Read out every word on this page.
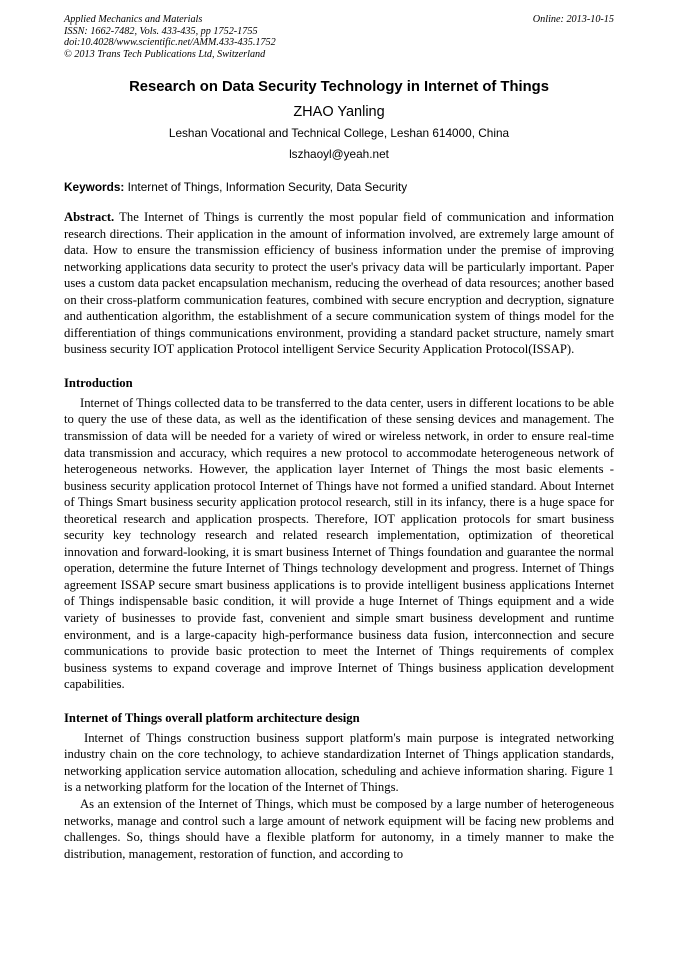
Applied Mechanics and Materials
ISSN: 1662-7482, Vols. 433-435, pp 1752-1755
doi:10.4028/www.scientific.net/AMM.433-435.1752
© 2013 Trans Tech Publications Ltd, Switzerland
Online: 2013-10-15
Research on Data Security Technology in Internet of Things
ZHAO Yanling
Leshan Vocational and Technical College, Leshan 614000, China
lszhaoyl@yeah.net
Keywords: Internet of Things, Information Security, Data Security
Abstract. The Internet of Things is currently the most popular field of communication and information research directions. Their application in the amount of information involved, are extremely large amount of data. How to ensure the transmission efficiency of business information under the premise of improving networking applications data security to protect the user's privacy data will be particularly important. Paper uses a custom data packet encapsulation mechanism, reducing the overhead of data resources; another based on their cross-platform communication features, combined with secure encryption and decryption, signature and authentication algorithm, the establishment of a secure communication system of things model for the differentiation of things communications environment, providing a standard packet structure, namely smart business security IOT application Protocol intelligent Service Security Application Protocol(ISSAP).
Introduction

Internet of Things collected data to be transferred to the data center, users in different locations to be able to query the use of these data, as well as the identification of these sensing devices and management. The transmission of data will be needed for a variety of wired or wireless network, in order to ensure real-time data transmission and accuracy, which requires a new protocol to accommodate heterogeneous network of heterogeneous networks. However, the application layer Internet of Things the most basic elements - business security application protocol Internet of Things have not formed a unified standard. About Internet of Things Smart business security application protocol research, still in its infancy, there is a huge space for theoretical research and application prospects. Therefore, IOT application protocols for smart business security key technology research and related research implementation, optimization of theoretical innovation and forward-looking, it is smart business Internet of Things foundation and guarantee the normal operation, determine the future Internet of Things technology development and progress. Internet of Things agreement ISSAP secure smart business applications is to provide intelligent business applications Internet of Things indispensable basic condition, it will provide a huge Internet of Things equipment and a wide variety of businesses to provide fast, convenient and simple smart business development and runtime environment, and is a large-capacity high-performance business data fusion, interconnection and secure communications to provide basic protection to meet the Internet of Things requirements of complex business systems to expand coverage and improve Internet of Things business application development capabilities.

Internet of Things overall platform architecture design

Internet of Things construction business support platform's main purpose is integrated networking industry chain on the core technology, to achieve standardization Internet of Things application standards, networking application service automation allocation, scheduling and achieve information sharing. Figure 1 is a networking platform for the location of the Internet of Things.

As an extension of the Internet of Things, which must be composed by a large number of heterogeneous networks, manage and control such a large amount of network equipment will be facing new problems and challenges. So, things should have a flexible platform for autonomy, in a timely manner to make the distribution, management, restoration of function, and according to
